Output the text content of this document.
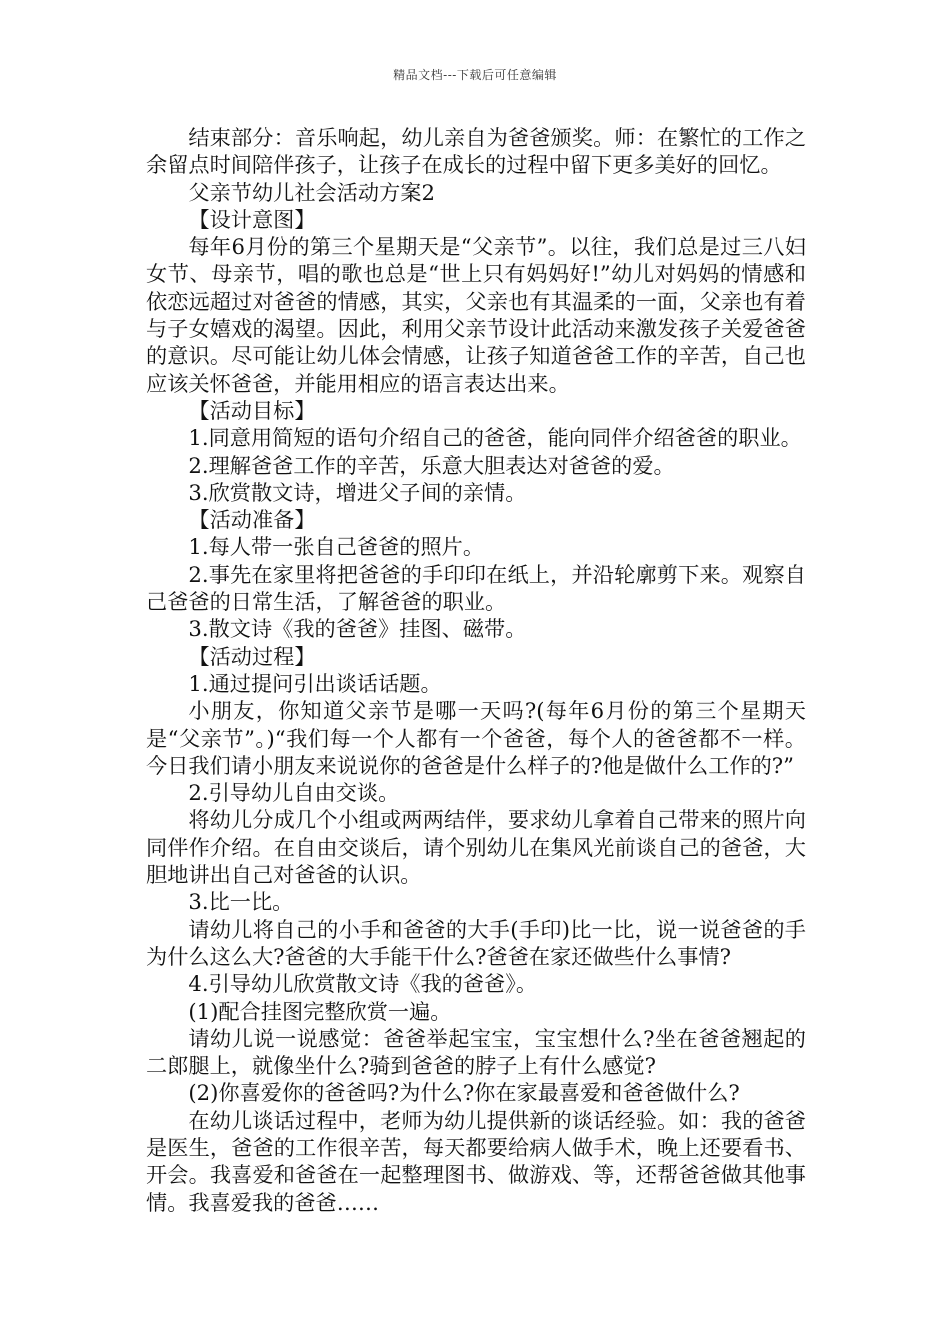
精品文档---下载后可任意编辑

结束部分：音乐响起，幼儿亲自为爸爸颁奖。师：在繁忙的工作之余留点时间陪伴孩子，让孩子在成长的过程中留下更多美好的回忆。

父亲节幼儿社会活动方案2

【设计意图】

每年6月份的第三个星期天是“父亲节”。以往，我们总是过三八妇女节、母亲节，唱的歌也总是“世上只有妈妈好!”幼儿对妈妈的情感和依恋远超过对爸爸的情感，其实，父亲也有其温柔的一面，父亲也有着与子女嬉戏的渴望。因此，利用父亲节设计此活动来激发孩子关爱爸爸的意识。尽可能让幼儿体会情感，让孩子知道爸爸工作的辛苦，自己也应该关怀爸爸，并能用相应的语言表达出来。

【活动目标】

1.同意用简短的语句介绍自己的爸爸，能向同伴介绍爸爸的职业。

2.理解爸爸工作的辛苦，乐意大胆表达对爸爸的爱。

3.欣赏散文诗，增进父子间的亲情。

【活动准备】

1.每人带一张自己爸爸的照片。

2.事先在家里将把爸爸的手印印在纸上，并沿轮廓剪下来。观察自己爸爸的日常生活，了解爸爸的职业。

3.散文诗《我的爸爸》挂图、磁带。

【活动过程】

1.通过提问引出谈话话题。

小朋友，你知道父亲节是哪一天吗?(每年6月份的第三个星期天是“父亲节”。)“我们每一个人都有一个爸爸，每个人的爸爸都不一样。今日我们请小朋友来说说你的爸爸是什么样子的?他是做什么工作的?”

2.引导幼儿自由交谈。

将幼儿分成几个小组或两两结伴，要求幼儿拿着自己带来的照片向同伴作介绍。在自由交谈后，请个别幼儿在集风光前谈自己的爸爸，大胆地讲出自己对爸爸的认识。

3.比一比。

请幼儿将自己的小手和爸爸的大手(手印)比一比，说一说爸爸的手为什么这么大?爸爸的大手能干什么?爸爸在家还做些什么事情?

4.引导幼儿欣赏散文诗《我的爸爸》。

(1)配合挂图完整欣赏一遍。

请幼儿说一说感觉：爸爸举起宝宝，宝宝想什么?坐在爸爸翘起的二郎腿上，就像坐什么?骑到爸爸的脖子上有什么感觉?

(2)你喜爱你的爸爸吗?为什么?你在家最喜爱和爸爸做什么?

在幼儿谈话过程中，老师为幼儿提供新的谈话经验。如：我的爸爸是医生，爸爸的工作很辛苦，每天都要给病人做手术，晚上还要看书、开会。我喜爱和爸爸在一起整理图书、做游戏、等，还帮爸爸做其他事情。我喜爱我的爸爸……
